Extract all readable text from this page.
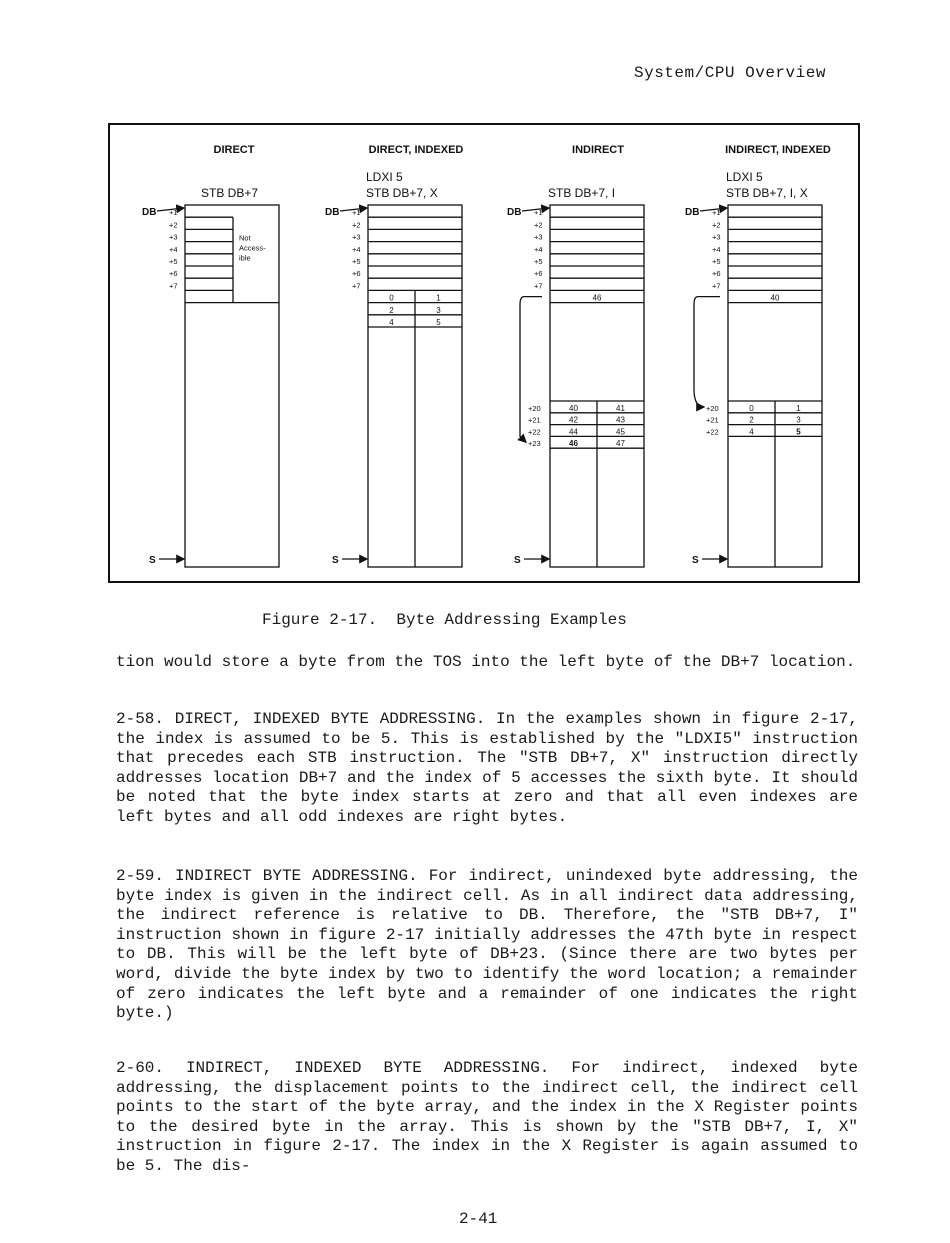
System/CPU Overview
DIRECT
STB DB+7
DB
S
+1
+2
+3
+4
+5
+6
+7
Not
Access-
ible
DIRECT, INDEXED
LDXI 5
STB DB+7, X
DB
S
+1
+2
+3
+4
+5
+6
+7
INDIRECT
STB DB+7, I
DB
S
+1
+2
+3
+4
+5
+6
+7
INDIRECT, INDEXED
LDXI 5
STB DB+7, I, X
DB
S
+1
+2
+3
+4
+5
+6
+7
0	1
2	3
4	5
46
+20	40	41
+21	42	43
+22	44	45
+23	46	47
40
+20	0	1
+21	2	3
+22	4	5
Figure 2-17.  Byte Addressing Examples

tion would store a byte from the TOS into the left byte of the DB+7 location.

2-58. DIRECT, INDEXED BYTE ADDRESSING. In the examples shown in figure 2-17, the index is assumed to be 5. This is established by the "LDXI5" instruction that precedes each STB instruction. The "STB DB+7, X" instruction directly addresses location DB+7 and the index of 5 accesses the sixth byte. It should be noted that the byte index starts at zero and that all even indexes are left bytes and all odd indexes are right bytes.

2-59. INDIRECT BYTE ADDRESSING. For indirect, unindexed byte addressing, the byte index is given in the indirect cell. As in all indirect data addressing, the indirect reference is relative to DB. Therefore, the "STB DB+7, I" instruction shown in figure 2-17 initially addresses the 47th byte in respect to DB. This will be the left byte of DB+23. (Since there are two bytes per word, divide the byte index by two to identify the word location; a remainder of zero indicates the left byte and a remainder of one indicates the right byte.)

2-60. INDIRECT, INDEXED BYTE ADDRESSING. For indirect, indexed byte addressing, the displacement points to the indirect cell, the indirect cell points to the start of the byte array, and the index in the X Register points to the desired byte in the array. This is shown by the "STB DB+7, I, X" instruction in figure 2-17. The index in the X Register is again assumed to be 5. The dis-

2-41
